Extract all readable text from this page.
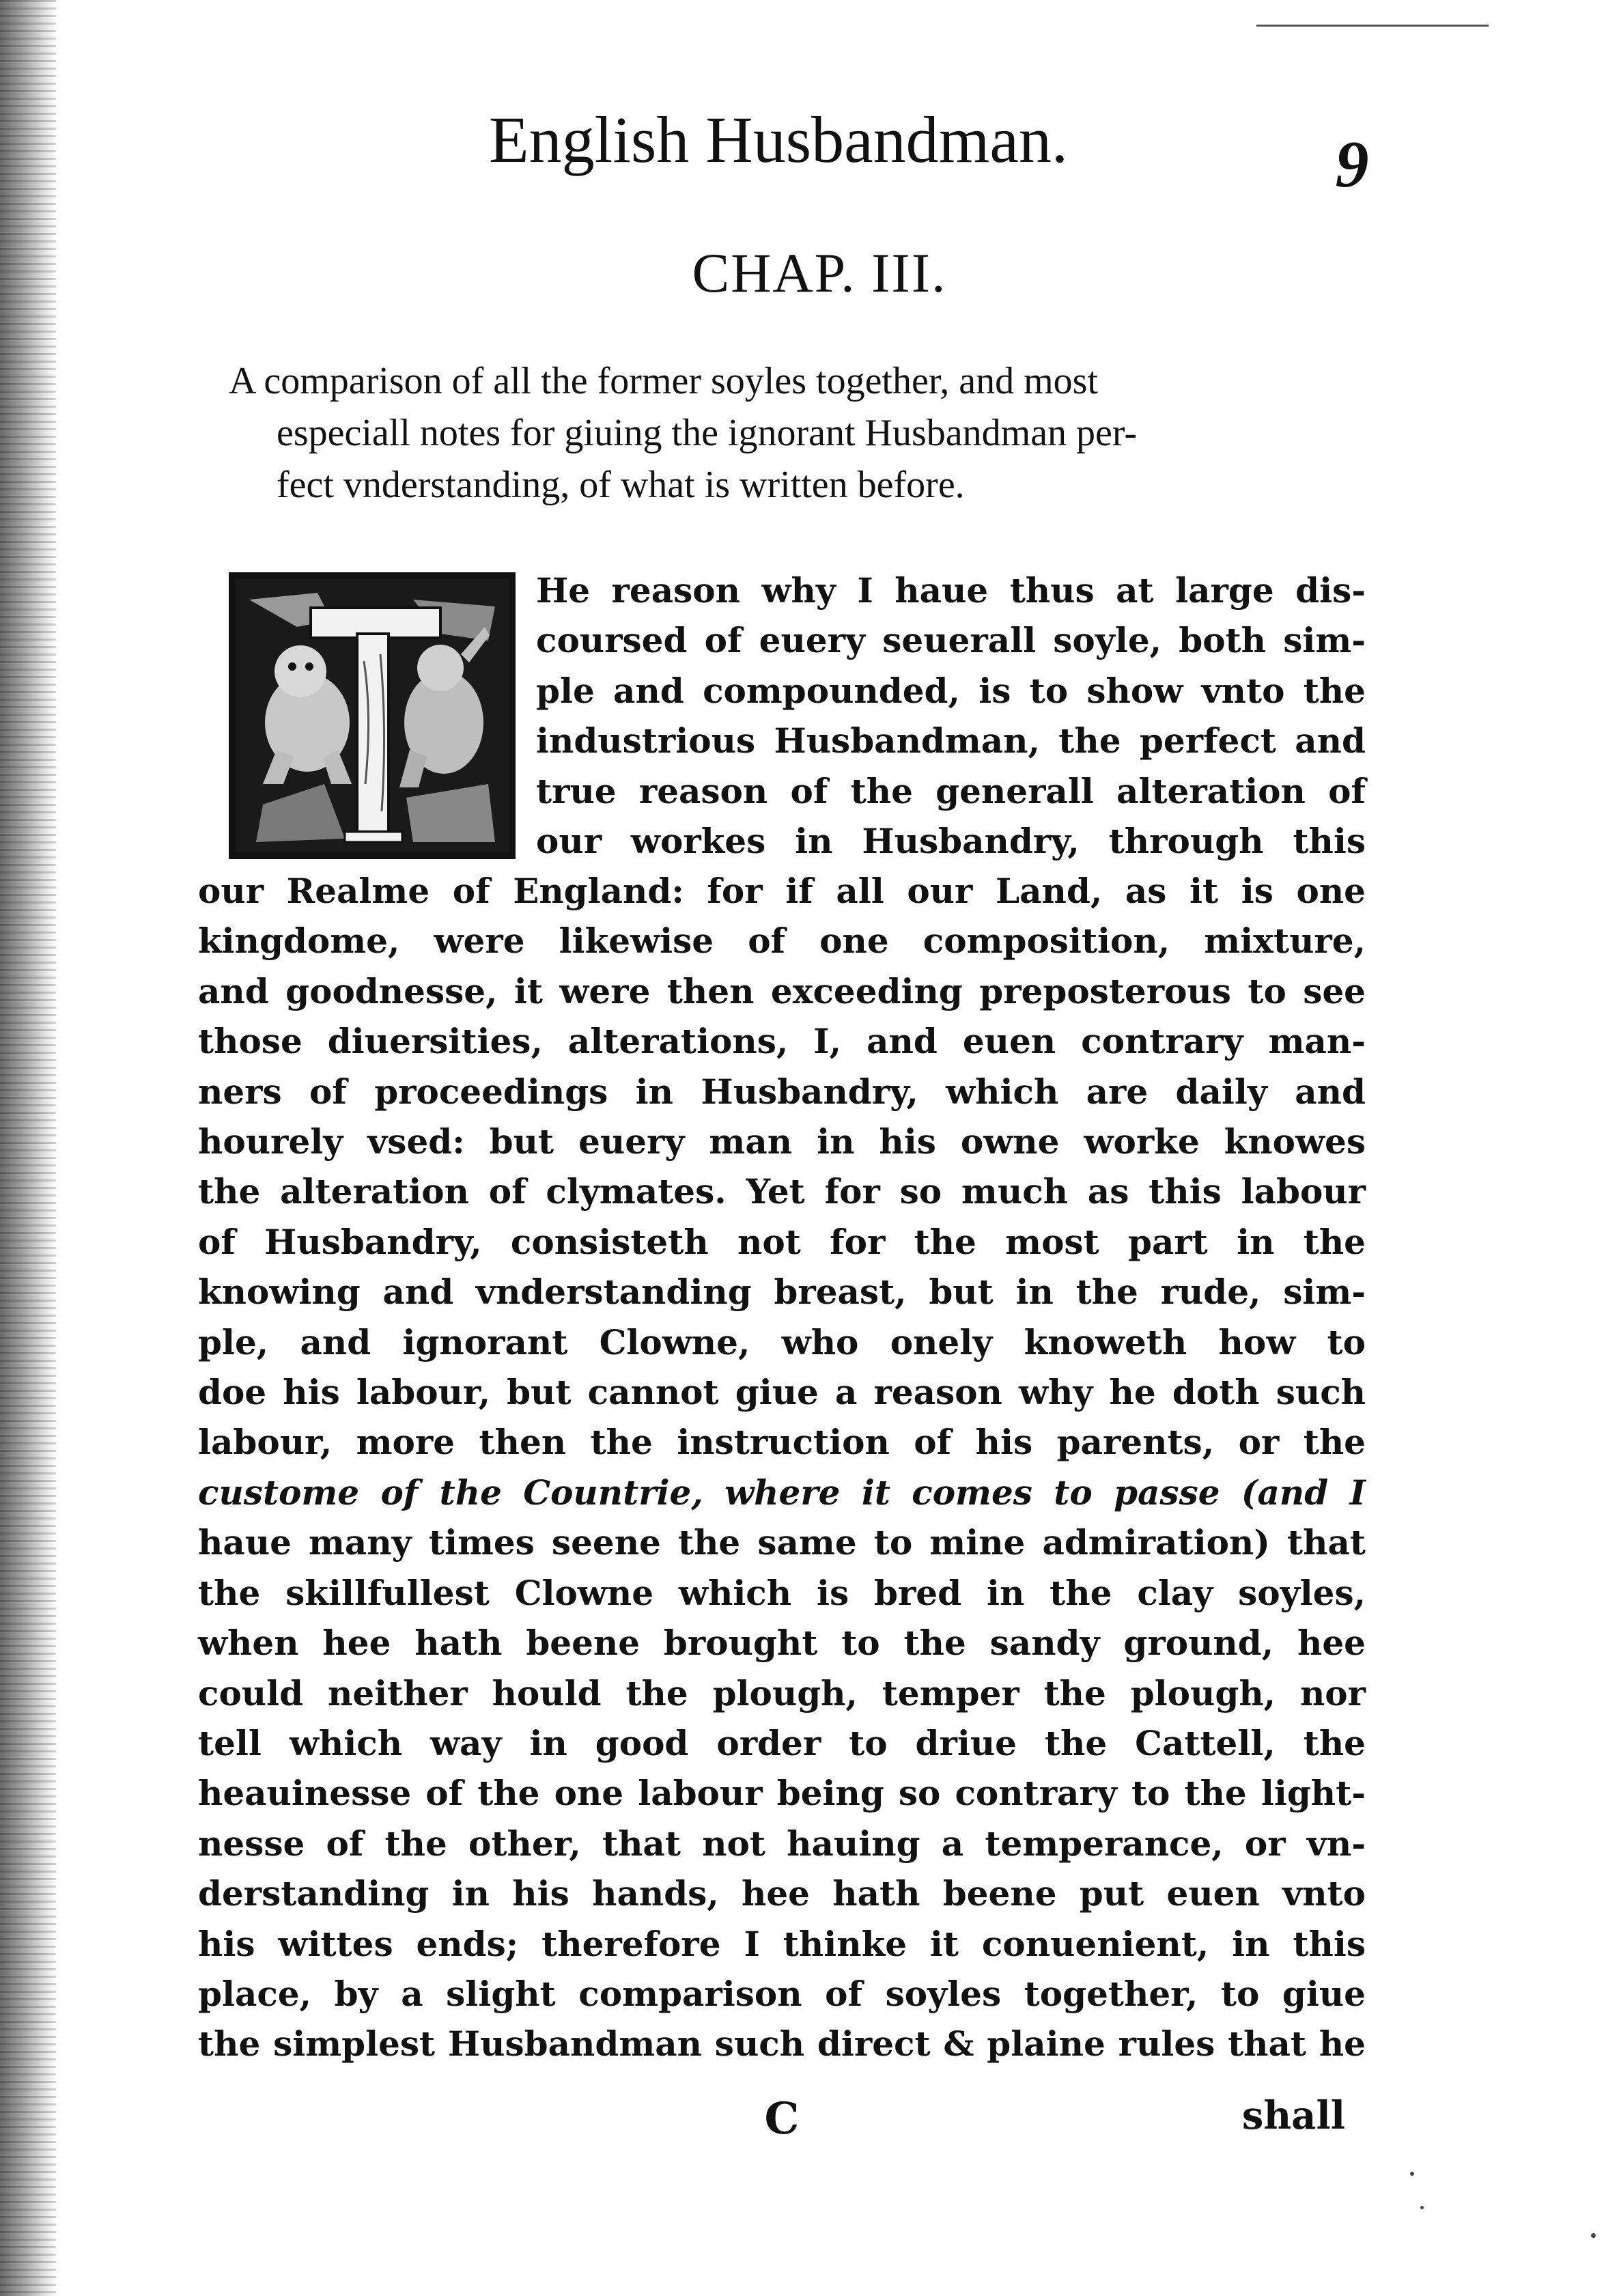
English Husbandman.	9
CHAP. III.

A comparison of all the former soyles together, and most
especiall notes for giuing the ignorant Husbandman per-
fect vnderstanding, of what is written before.

He reason why I haue thus at large dis-
coursed of euery seuerall soyle, both sim-
ple and compounded, is to show vnto the
industrious Husbandman, the perfect and
true reason of the generall alteration of
our workes in Husbandry, through this

our Realme of England: for if all our Land, as it is one
kingdome, were likewise of one composition, mixture,
and goodnesse, it were then exceeding preposterous to see
those diuersities, alterations, I, and euen contrary man-
ners of proceedings in Husbandry, which are daily and
hourely vsed: but euery man in his owne worke knowes
the alteration of clymates. Yet for so much as this labour
of Husbandry, consisteth not for the most part in the
knowing and vnderstanding breast, but in the rude, sim-
ple, and ignorant Clowne, who onely knoweth how to
doe his labour, but cannot giue a reason why he doth such
labour, more then the instruction of his parents, or the
custome of the Countrie, where it comes to passe (and I
haue many times seene the same to mine admiration) that
the skillfullest Clowne which is bred in the clay soyles,
when hee hath beene brought to the sandy ground, hee
could neither hould the plough, temper the plough, nor
tell which way in good order to driue the Cattell, the
heauinesse of the one labour being so contrary to the light-
nesse of the other, that not hauing a temperance, or vn-
derstanding in his hands, hee hath beene put euen vnto
his wittes ends; therefore I thinke it conuenient, in this
place, by a slight comparison of soyles together, to giue
the simplest Husbandman such direct & plaine rules that he

C	shall
